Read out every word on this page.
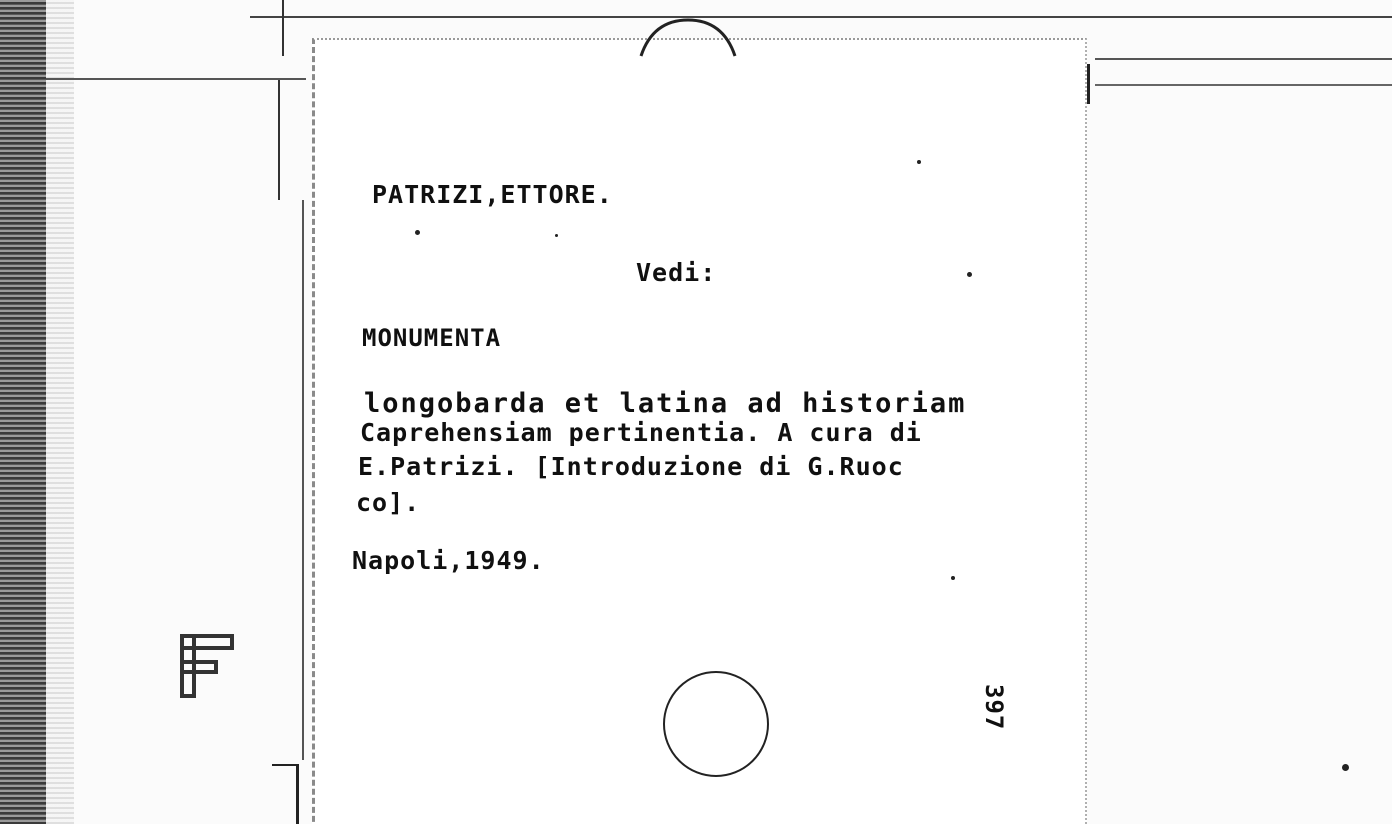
PATRIZI,ETTORE.
Vedi:
MONUMENTA
longobarda et latina ad historiam
Caprehensiam pertinentia. A cura di
E.Patrizi. [Introduzione di G.Ruoc
co].
Napoli,1949.
397
